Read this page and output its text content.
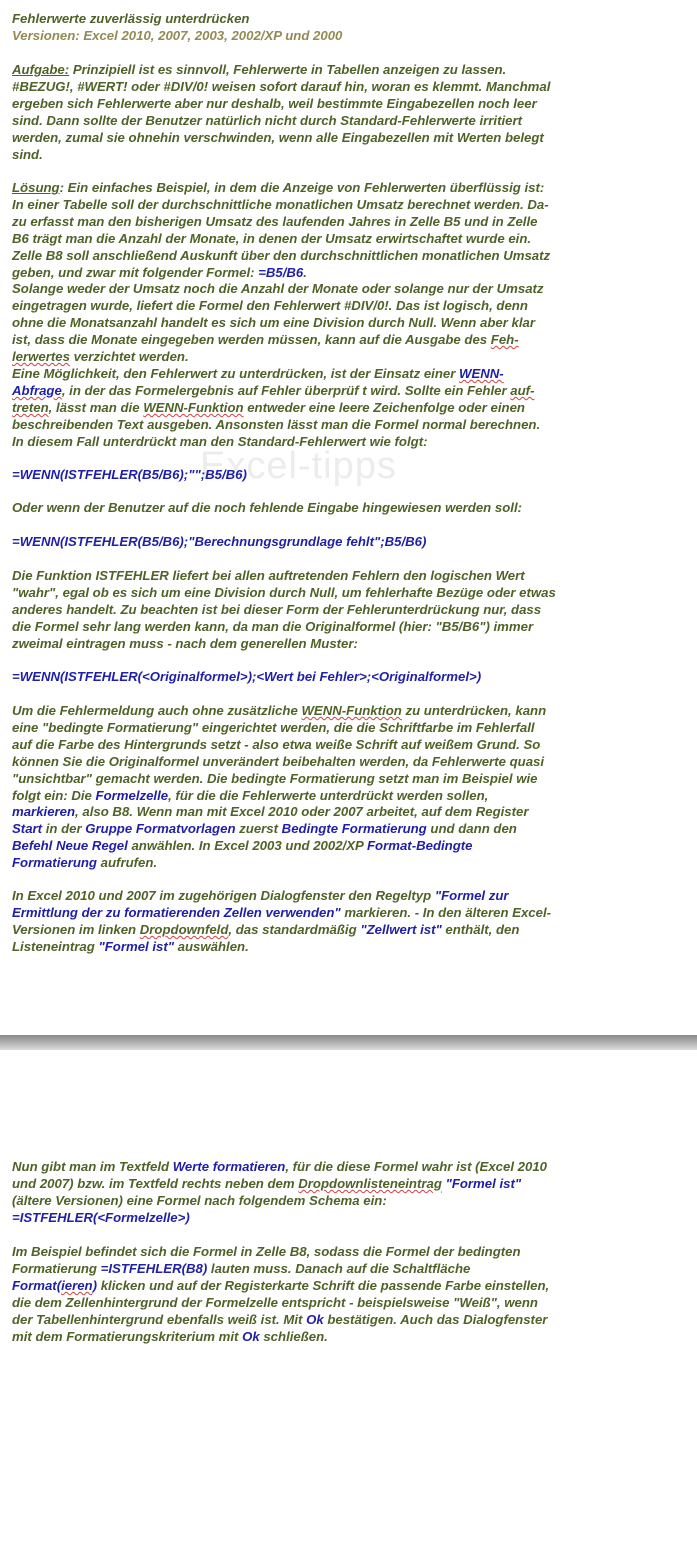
Excel-tipps

Fehlerwerte zuverlässig unterdrücken

Versionen: Excel 2010, 2007, 2003, 2002/XP und 2000

Aufgabe: Prinzipiell ist es sinnvoll, Fehlerwerte in Tabellen anzeigen zu lassen.
#BEZUG!, #WERT! oder #DIV/0! weisen sofort darauf hin, woran es klemmt. Manchmal
ergeben sich Fehlerwerte aber nur deshalb, weil bestimmte Eingabezellen noch leer
sind. Dann sollte der Benutzer natürlich nicht durch Standard-Fehlerwerte irritiert
werden, zumal sie ohnehin verschwinden, wenn alle Eingabezellen mit Werten belegt
sind.

Lösung: Ein einfaches Beispiel, in dem die Anzeige von Fehlerwerten überflüssig ist:
In einer Tabelle soll der durchschnittliche monatlichen Umsatz berechnet werden. Da-
zu erfasst man den bisherigen Umsatz des laufenden Jahres in Zelle B5 und in Zelle
B6 trägt man die Anzahl der Monate, in denen der Umsatz erwirtschaftet wurde ein.
Zelle B8 soll anschließend Auskunft über den durchschnittlichen monatlichen Umsatz
geben, und zwar mit folgender Formel: =B5/B6.
Solange weder der Umsatz noch die Anzahl der Monate oder solange nur der Umsatz
eingetragen wurde, liefert die Formel den Fehlerwert #DIV/0!. Das ist logisch, denn
ohne die Monatsanzahl handelt es sich um eine Division durch Null. Wenn aber klar
ist, dass die Monate eingegeben werden müssen, kann auf die Ausgabe des Feh-
lerwertes verzichtet werden.
Eine Möglichkeit, den Fehlerwert zu unterdrücken, ist der Einsatz einer WENN-
Abfrage, in der das Formelergebnis auf Fehler überprüf t wird. Sollte ein Fehler auf-
treten, lässt man die WENN-Funktion entweder eine leere Zeichenfolge oder einen
beschreibenden Text ausgeben. Ansonsten lässt man die Formel normal berechnen.
In diesem Fall unterdrückt man den Standard-Fehlerwert wie folgt:

=WENN(ISTFEHLER(B5/B6);"";B5/B6)

Oder wenn der Benutzer auf die noch fehlende Eingabe hingewiesen werden soll:

=WENN(ISTFEHLER(B5/B6);"Berechnungsgrundlage fehlt";B5/B6)

Die Funktion ISTFEHLER liefert bei allen auftretenden Fehlern den logischen Wert
"wahr", egal ob es sich um eine Division durch Null, um fehlerhafte Bezüge oder etwas
anderes handelt. Zu beachten ist bei dieser Form der Fehlerunterdrückung nur, dass
die Formel sehr lang werden kann, da man die Originalformel (hier: "B5/B6") immer
zweimal eintragen muss - nach dem generellen Muster:

=WENN(ISTFEHLER(<Originalformel>);<Wert bei Fehler>;<Originalformel>)

Um die Fehlermeldung auch ohne zusätzliche WENN-Funktion zu unterdrücken, kann
eine "bedingte Formatierung" eingerichtet werden, die die Schriftfarbe im Fehlerfall
auf die Farbe des Hintergrunds setzt - also etwa weiße Schrift auf weißem Grund. So
können Sie die Originalformel unverändert beibehalten werden, da Fehlerwerte quasi
"unsichtbar" gemacht werden. Die bedingte Formatierung setzt man im Beispiel wie
folgt ein: Die Formelzelle, für die die Fehlerwerte unterdrückt werden sollen,
markieren, also B8. Wenn man mit Excel 2010 oder 2007 arbeitet, auf dem Register
Start in der Gruppe Formatvorlagen zuerst Bedingte Formatierung und dann den
Befehl Neue Regel anwählen. In Excel 2003 und 2002/XP Format-Bedingte
Formatierung aufrufen.

In Excel 2010 und 2007 im zugehörigen Dialogfenster den Regeltyp "Formel zur
Ermittlung der zu formatierenden Zellen verwenden" markieren. - In den älteren Excel-
Versionen im linken Dropdownfeld, das standardmäßig "Zellwert ist" enthält, den
Listeneintrag "Formel ist" auswählen.

Nun gibt man im Textfeld Werte formatieren, für die diese Formel wahr ist (Excel 2010
und 2007) bzw. im Textfeld rechts neben dem Dropdownlisteneintrag "Formel ist"
(ältere Versionen) eine Formel nach folgendem Schema ein:
=ISTFEHLER(<Formelzelle>)

Im Beispiel befindet sich die Formel in Zelle B8, sodass die Formel der bedingten
Formatierung =ISTFEHLER(B8) lauten muss. Danach auf die Schaltfläche
Format(ieren) klicken und auf der Registerkarte Schrift die passende Farbe einstellen,
die dem Zellenhintergrund der Formelzelle entspricht - beispielsweise "Weiß", wenn
der Tabellenhintergrund ebenfalls weiß ist. Mit Ok bestätigen. Auch das Dialogfenster
mit dem Formatierungskriterium mit Ok schließen.
